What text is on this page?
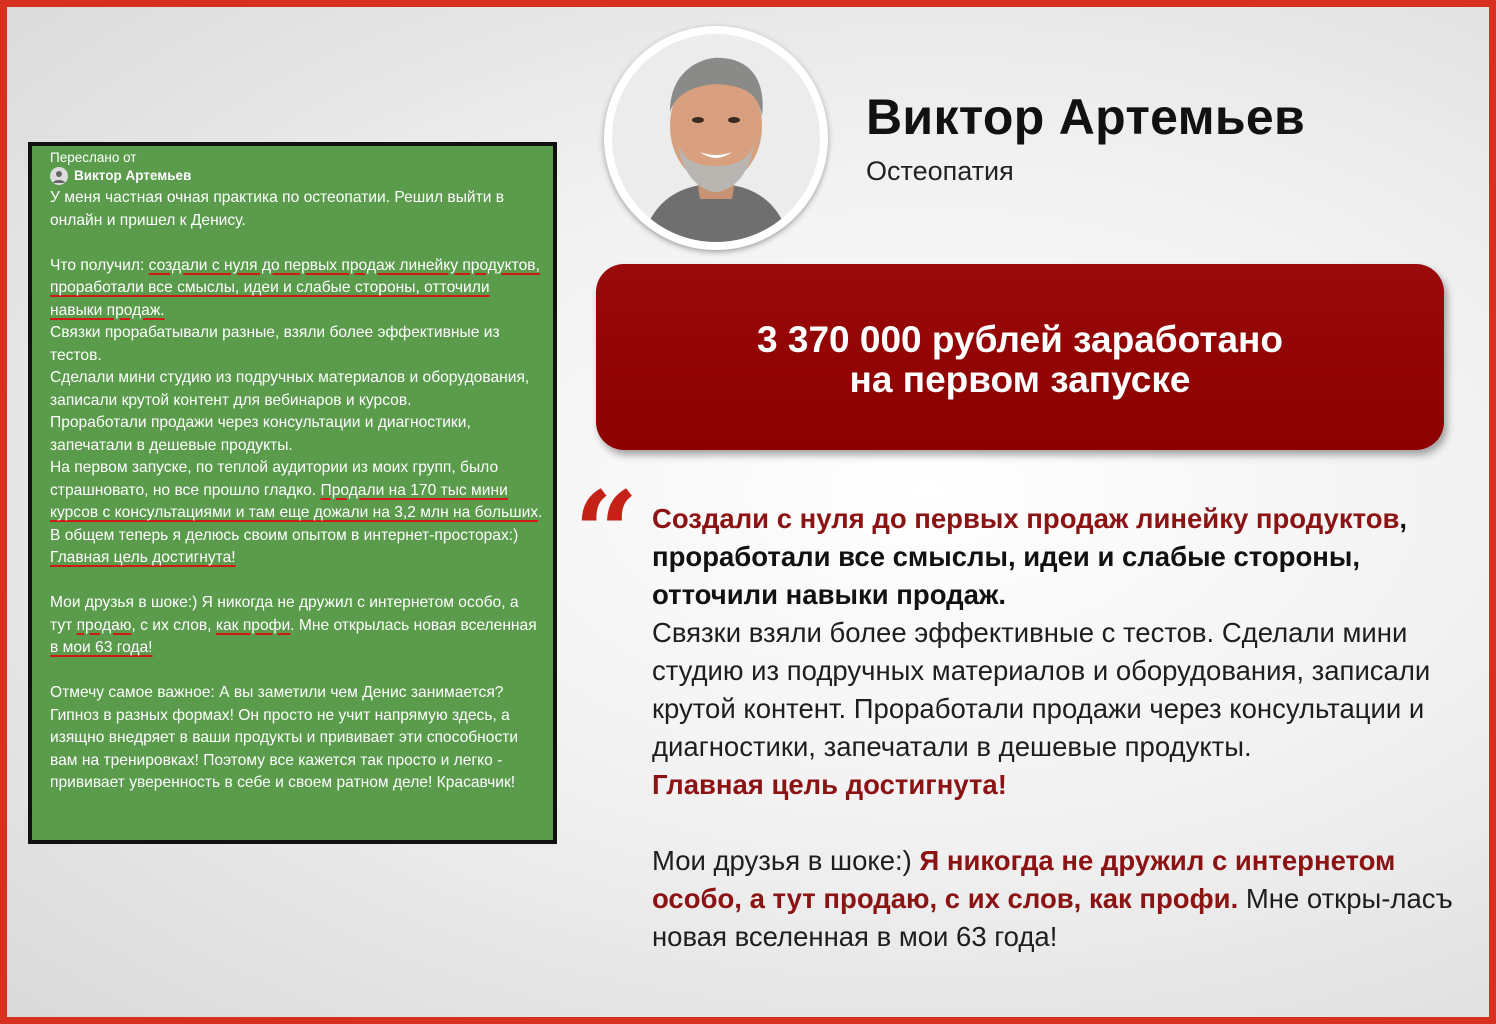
Переслано от
Виктор Артемьев

У меня частная очная практика по остеопатии. Решил выйти в онлайн и пришел к Денису.

Что получил: создали с нуля до первых продаж линейку продуктов, проработали все смыслы, идеи и слабые стороны, отточили навыки продаж.

Связки прорабатывали разные, взяли более эффективные из тестов.

Сделали мини студию из подручных материалов и оборудования, записали крутой контент для вебинаров и курсов.

Проработали продажи через консультации и диагностики, запечатали в дешевые продукты.

На первом запуске, по теплой аудитории из моих групп, было страшновато, но все прошло гладко. Продали на 170 тыс мини курсов с консультациями и там еще дожали на 3,2 млн на больших. В общем теперь я делюсь своим опытом в интернет-просторах:) Главная цель достигнута!

Мои друзья в шоке:) Я никогда не дружил с интернетом особо, а тут продаю, с их слов, как профи. Мне открылась новая вселенная в мои 63 года!

Отмечу самое важное: А вы заметили чем Денис занимается? Гипноз в разных формах! Он просто не учит напрямую здесь, а изящно внедряет в ваши продукты и прививает эти способности вам на тренировках! Поэтому все кажется так просто и легко - прививает уверенность в себе и своем ратном деле! Красавчик!

Виктор Артемьев
Остеопатия
3 370 000 рублей заработано
на первом запуске
“ Создали с нуля до первых продаж линейку продуктов,

проработали все смыслы, идеи и слабые стороны,

отточили навыки продаж.

Связки взяли более эффективные с тестов. Сделали мини студию из подручных материалов и оборудования, записали крутой контент. Проработали продажи через консультации и диагностики, запечатали в дешевые продукты.

Главная цель достигнута!

Мои друзья в шоке:) Я никогда не дружил с интернетом особо, а тут продаю, с их слов, как профи. Мне откры-ласъ новая вселенная в мои 63 года!
